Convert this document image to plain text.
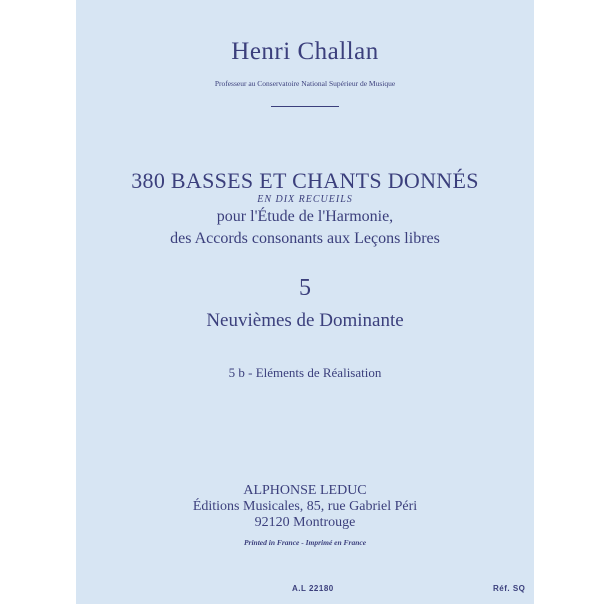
Henri Challan
Professeur au Conservatoire National Supérieur de Musique
380 BASSES ET CHANTS DONNÉS
EN DIX RECUEILS
pour l'Étude de l'Harmonie,
des Accords consonants aux Leçons libres
5
Neuvièmes de Dominante
5 b - Eléments de Réalisation
ALPHONSE LEDUC
Éditions Musicales, 85, rue Gabriel Péri
92120 Montrouge
Printed in France - Imprimé en France
A.L 22180	Réf. SQ
